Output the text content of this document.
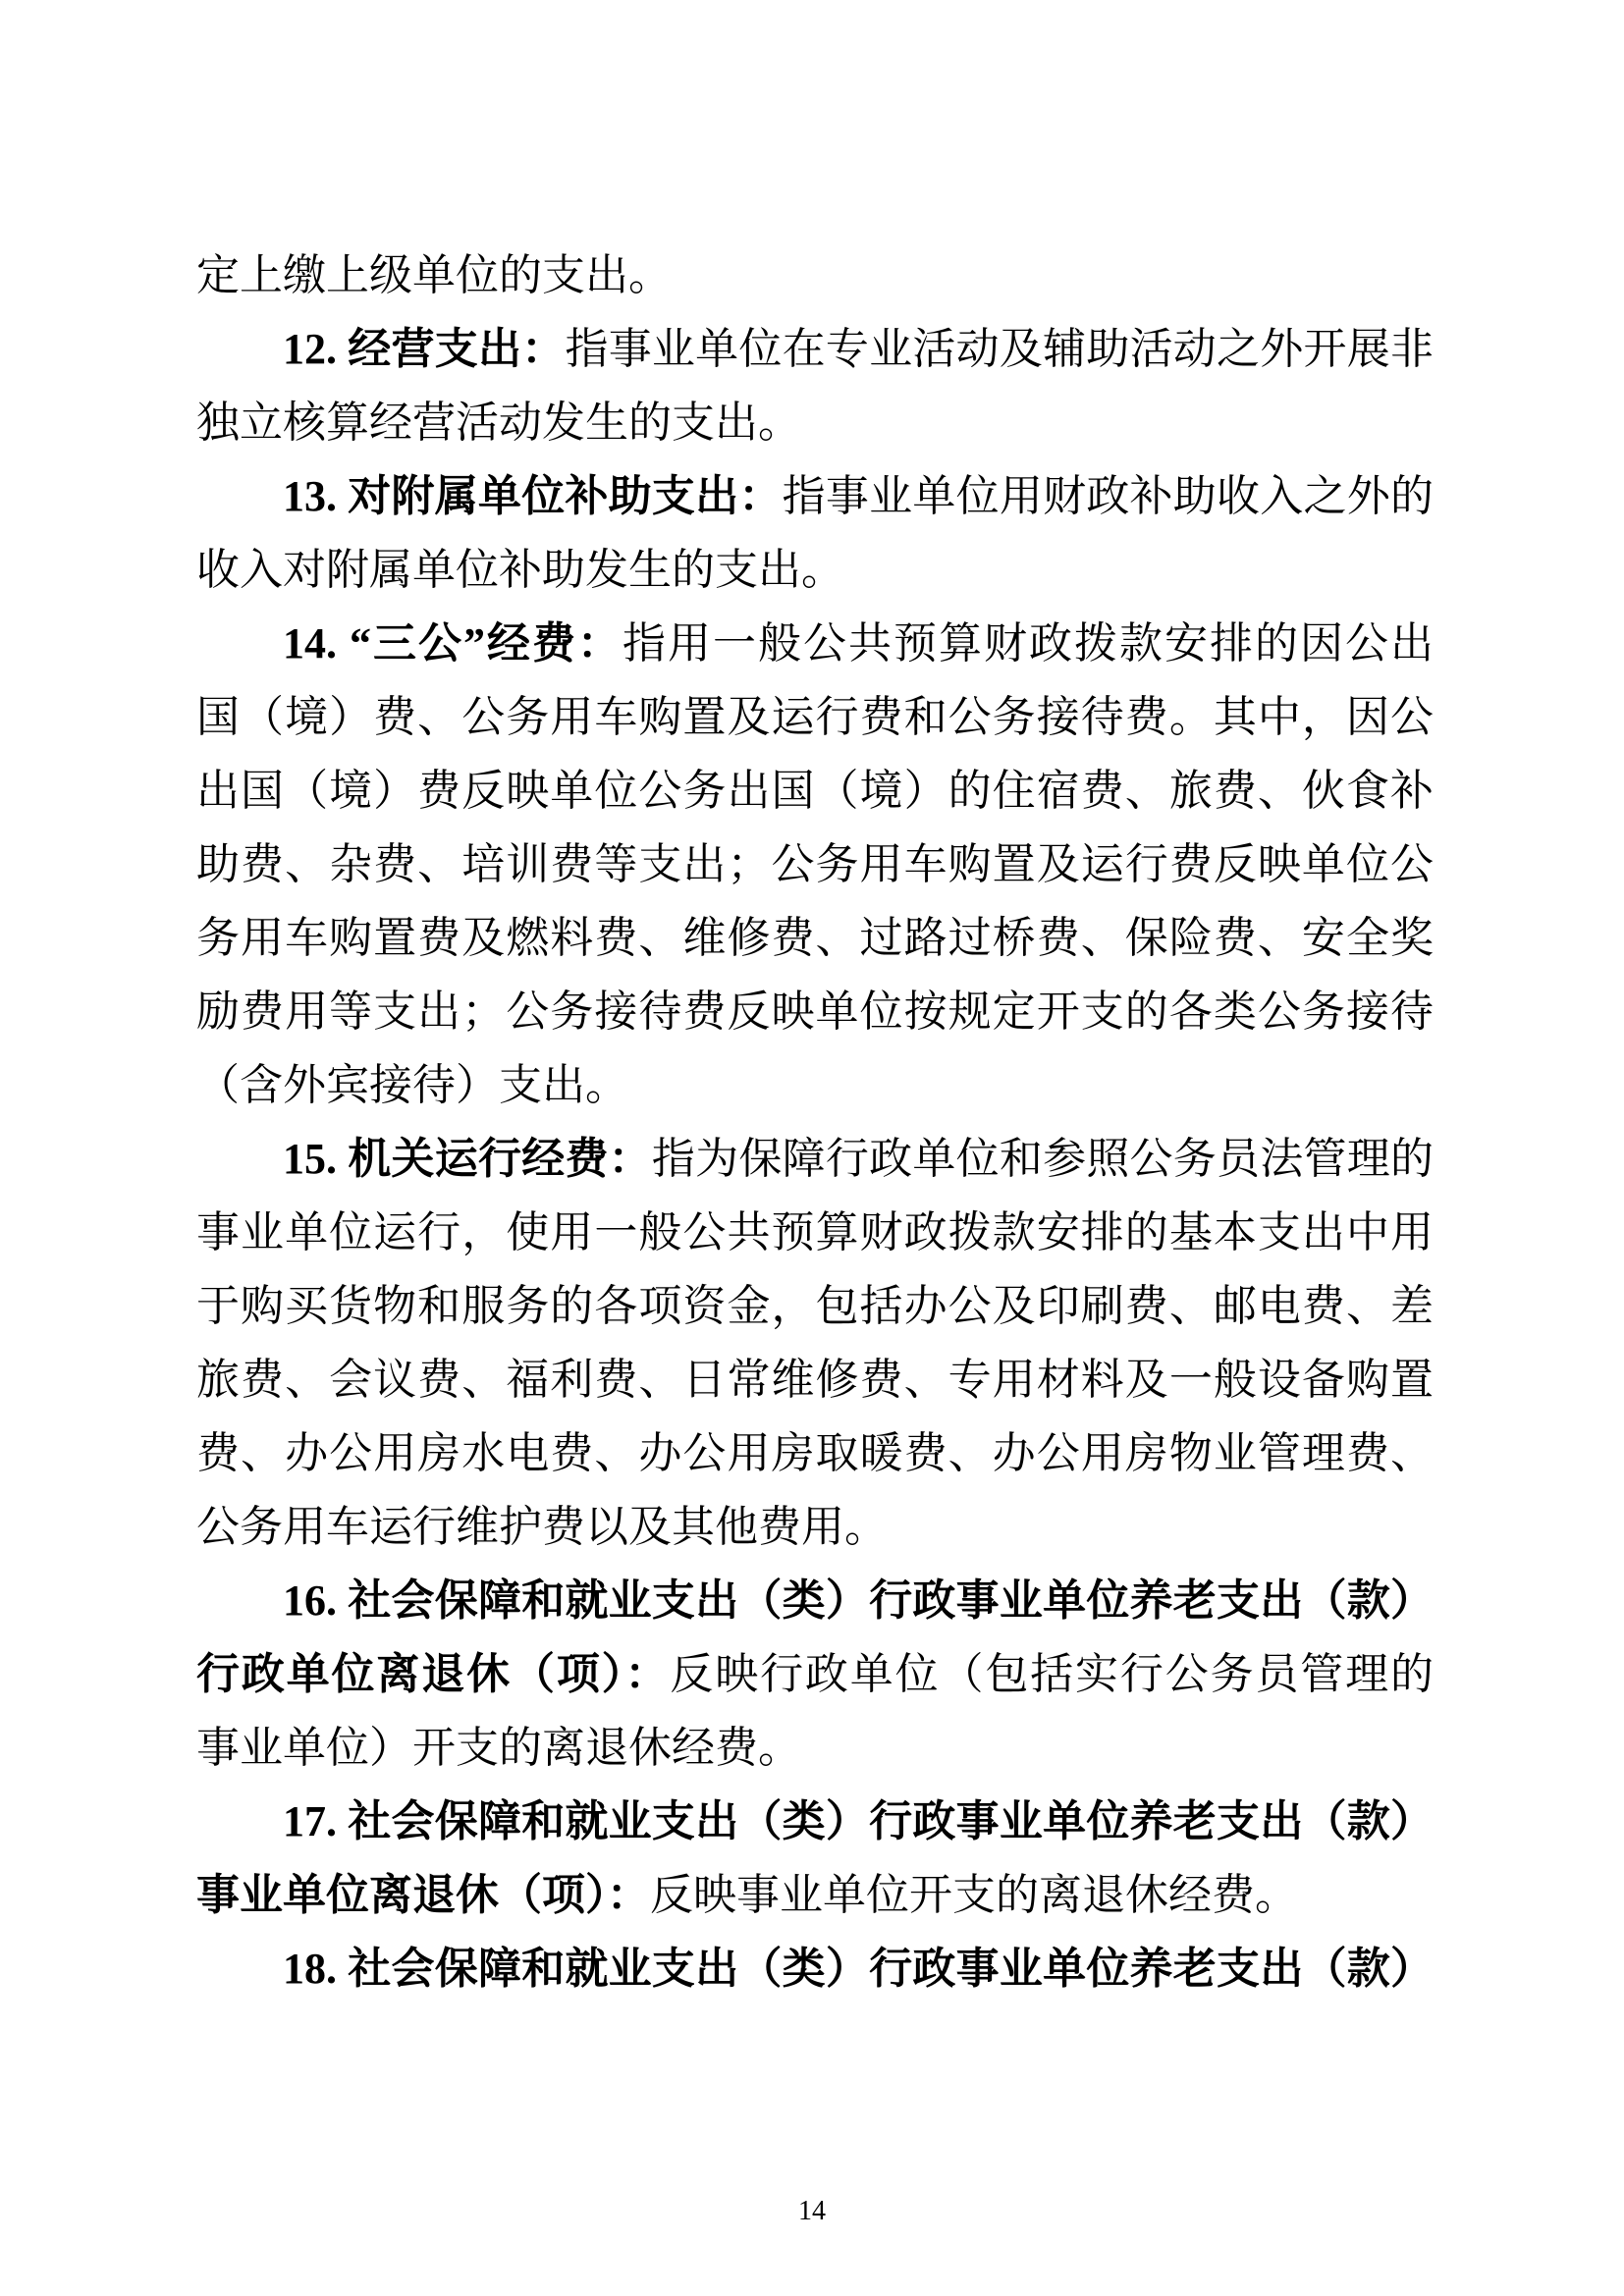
定上缴上级单位的支出。
12. 经营支出：指事业单位在专业活动及辅助活动之外开展非
独立核算经营活动发生的支出。
13. 对附属单位补助支出：指事业单位用财政补助收入之外的
收入对附属单位补助发生的支出。
14. “三公”经费：指用一般公共预算财政拨款安排的因公出
国（境）费、公务用车购置及运行费和公务接待费。其中，因公
出国（境）费反映单位公务出国（境）的住宿费、旅费、伙食补
助费、杂费、培训费等支出；公务用车购置及运行费反映单位公
务用车购置费及燃料费、维修费、过路过桥费、保险费、安全奖
励费用等支出；公务接待费反映单位按规定开支的各类公务接待
（含外宾接待）支出。
15. 机关运行经费：指为保障行政单位和参照公务员法管理的
事业单位运行，使用一般公共预算财政拨款安排的基本支出中用
于购买货物和服务的各项资金，包括办公及印刷费、邮电费、差
旅费、会议费、福利费、日常维修费、专用材料及一般设备购置
费、办公用房水电费、办公用房取暖费、办公用房物业管理费、
公务用车运行维护费以及其他费用。
16. 社会保障和就业支出（类）行政事业单位养老支出（款）
行政单位离退休（项）：反映行政单位（包括实行公务员管理的
事业单位）开支的离退休经费。
17. 社会保障和就业支出（类）行政事业单位养老支出（款）
事业单位离退休（项）：反映事业单位开支的离退休经费。
18. 社会保障和就业支出（类）行政事业单位养老支出（款）
14
